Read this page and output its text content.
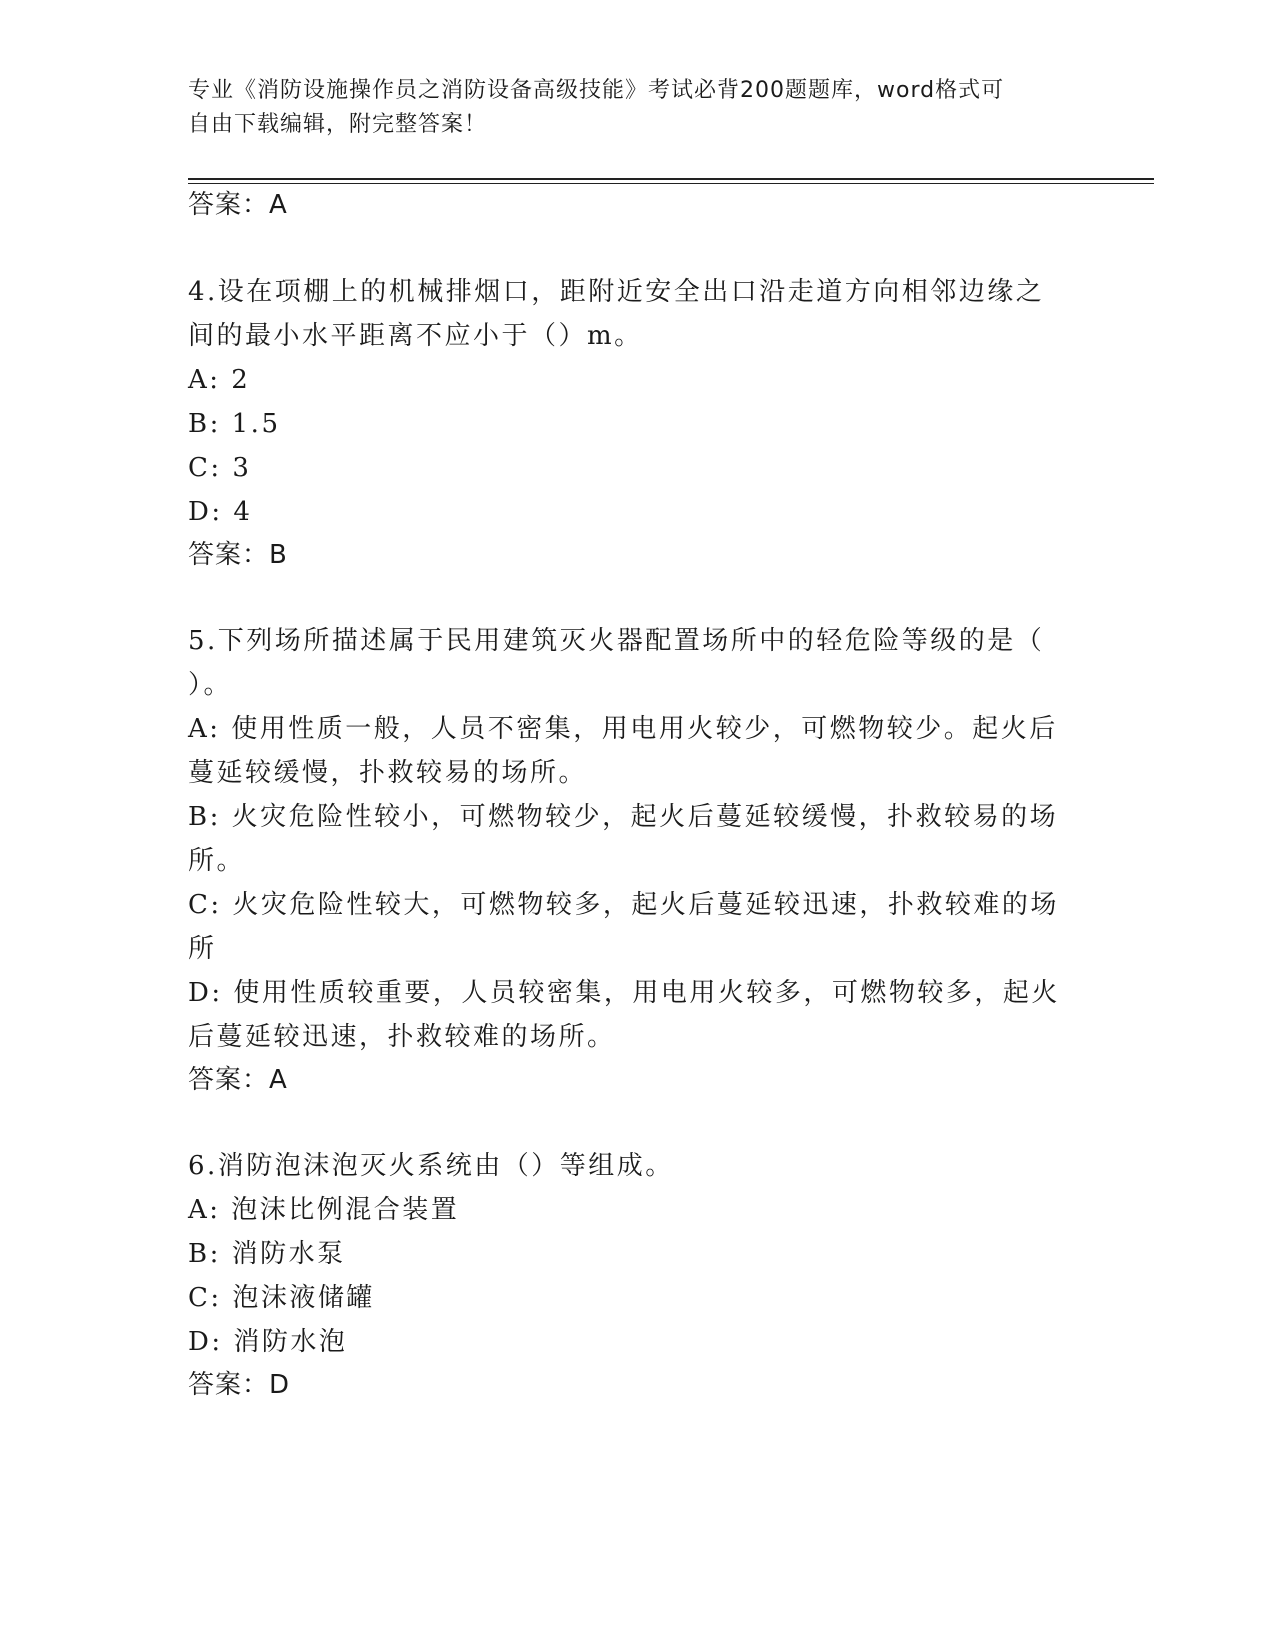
专业《消防设施操作员之消防设备高级技能》考试必背200题题库，word格式可
自由下载编辑，附完整答案！
答案：A
4.设在项棚上的机械排烟口，距附近安全出口沿走道方向相邻边缘之
间的最小水平距离不应小于（）m。
A: 2
B: 1.5
C: 3
D: 4
答案：B
5.下列场所描述属于民用建筑灭火器配置场所中的轻危险等级的是（
）。
A: 使用性质一般，人员不密集，用电用火较少，可燃物较少。起火后
蔓延较缓慢，扑救较易的场所。
B: 火灾危险性较小，可燃物较少，起火后蔓延较缓慢，扑救较易的场
所。
C: 火灾危险性较大，可燃物较多，起火后蔓延较迅速，扑救较难的场
所
D: 使用性质较重要，人员较密集，用电用火较多，可燃物较多，起火
后蔓延较迅速，扑救较难的场所。
答案：A
6.消防泡沫泡灭火系统由（）等组成。
A: 泡沫比例混合装置
B: 消防水泵
C: 泡沫液储罐
D: 消防水泡
答案：D
